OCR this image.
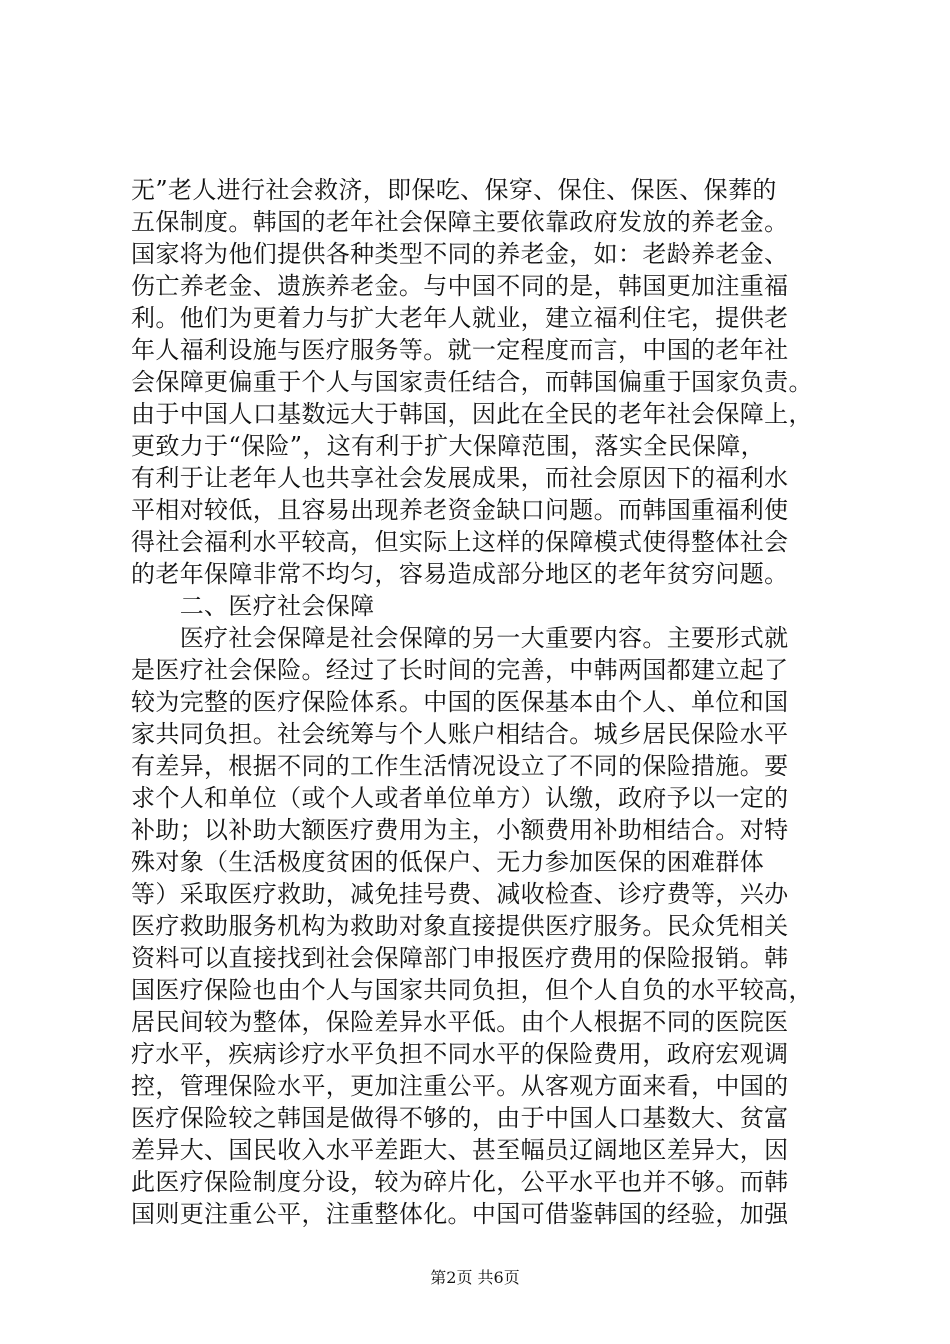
无”老人进行社会救济，即保吃、保穿、保住、保医、保葬的
五保制度。韩国的老年社会保障主要依靠政府发放的养老金。
国家将为他们提供各种类型不同的养老金，如：老龄养老金、
伤亡养老金、遗族养老金。与中国不同的是，韩国更加注重福
利。他们为更着力与扩大老年人就业，建立福利住宅，提供老
年人福利设施与医疗服务等。就一定程度而言，中国的老年社
会保障更偏重于个人与国家责任结合，而韩国偏重于国家负责。
由于中国人口基数远大于韩国，因此在全民的老年社会保障上，
更致力于“保险”，这有利于扩大保障范围，落实全民保障，
有利于让老年人也共享社会发展成果，而社会原因下的福利水
平相对较低，且容易出现养老资金缺口问题。而韩国重福利使
得社会福利水平较高，但实际上这样的保障模式使得整体社会
的老年保障非常不均匀，容易造成部分地区的老年贫穷问题。
　　二、医疗社会保障
　　医疗社会保障是社会保障的另一大重要内容。主要形式就
是医疗社会保险。经过了长时间的完善，中韩两国都建立起了
较为完整的医疗保险体系。中国的医保基本由个人、单位和国
家共同负担。社会统筹与个人账户相结合。城乡居民保险水平
有差异，根据不同的工作生活情况设立了不同的保险措施。要
求个人和单位（或个人或者单位单方）认缴，政府予以一定的
补助；以补助大额医疗费用为主，小额费用补助相结合。对特
殊对象（生活极度贫困的低保户、无力参加医保的困难群体
等）采取医疗救助，减免挂号费、减收检查、诊疗费等，兴办
医疗救助服务机构为救助对象直接提供医疗服务。民众凭相关
资料可以直接找到社会保障部门申报医疗费用的保险报销。韩
国医疗保险也由个人与国家共同负担，但个人自负的水平较高，
居民间较为整体，保险差异水平低。由个人根据不同的医院医
疗水平，疾病诊疗水平负担不同水平的保险费用，政府宏观调
控，管理保险水平，更加注重公平。从客观方面来看，中国的
医疗保险较之韩国是做得不够的，由于中国人口基数大、贫富
差异大、国民收入水平差距大、甚至幅员辽阔地区差异大，因
此医疗保险制度分设，较为碎片化，公平水平也并不够。而韩
国则更注重公平，注重整体化。中国可借鉴韩国的经验，加强
第2页 共6页
